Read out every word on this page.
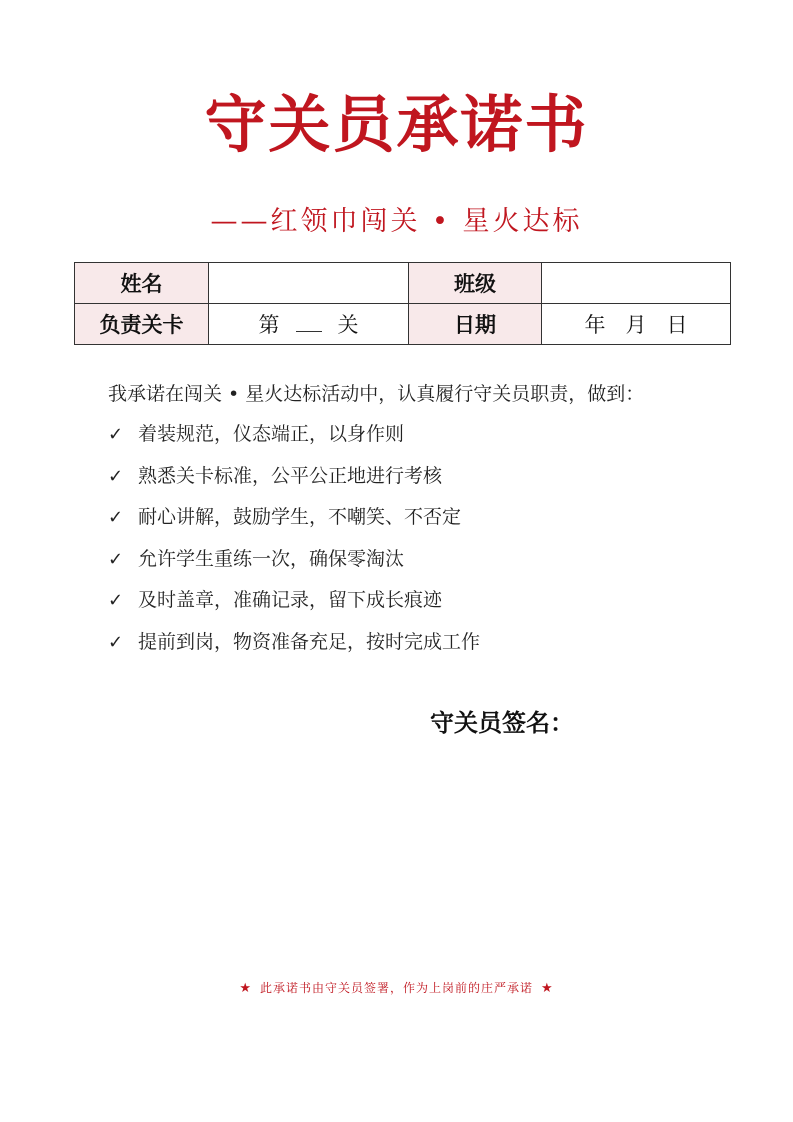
守关员承诺书
——红领巾闯关 • 星火达标
姓名		班级	
负责关卡	第 关	日期	年 月 日
我承诺在闯关 • 星火达标活动中，认真履行守关员职责，做到：
✓ 着装规范，仪态端正，以身作则
✓ 熟悉关卡标准，公平公正地进行考核
✓ 耐心讲解，鼓励学生，不嘲笑、不否定
✓ 允许学生重练一次，确保零淘汰
✓ 及时盖章，准确记录，留下成长痕迹
✓ 提前到岗，物资准备充足，按时完成工作
守关员签名：
★ 此承诺书由守关员签署，作为上岗前的庄严承诺 ★
